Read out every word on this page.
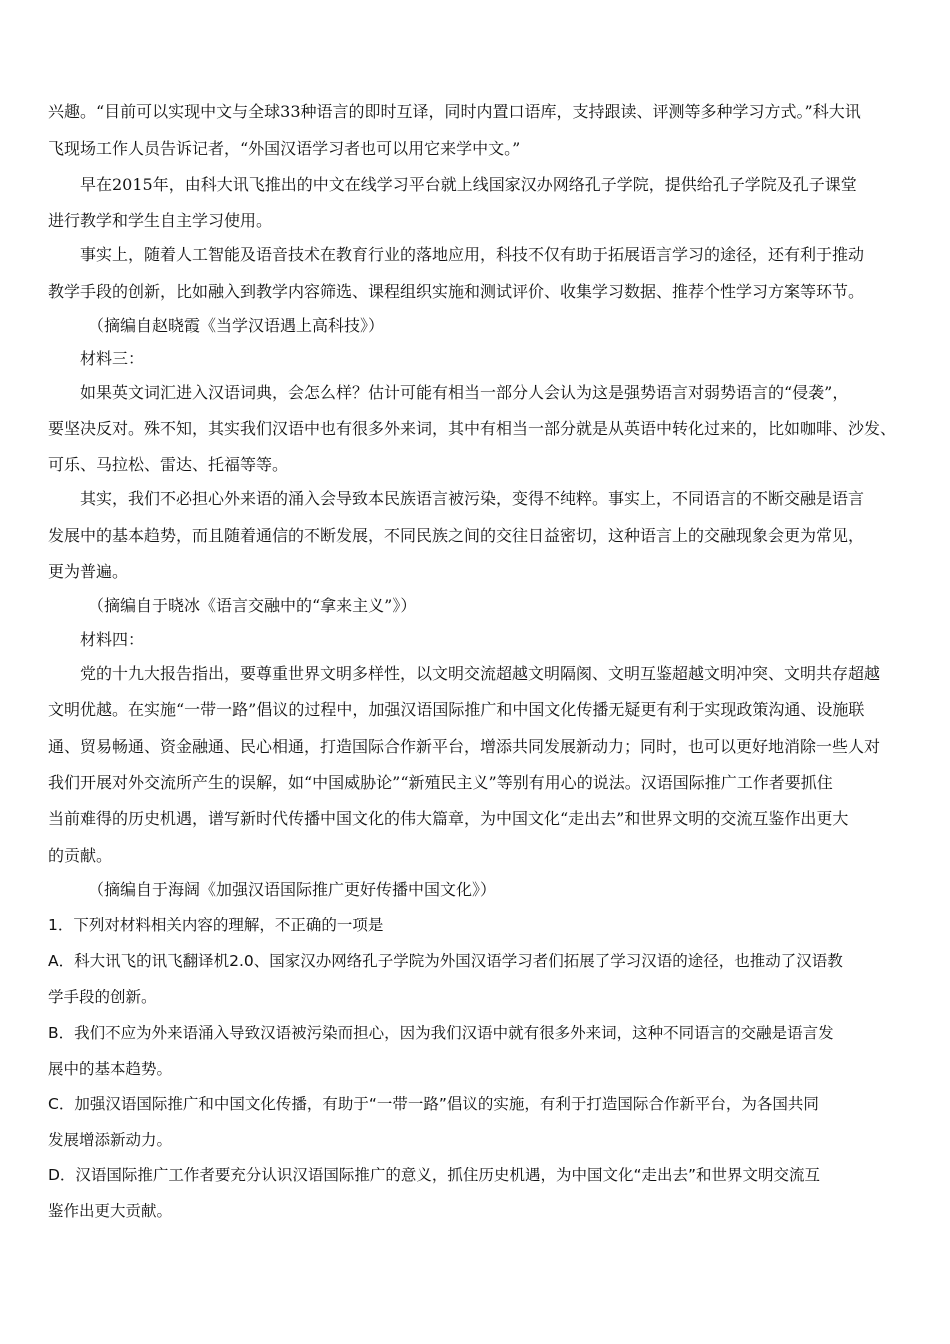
兴趣。“目前可以实现中文与全球33种语言的即时互译，同时内置口语库，支持跟读、评测等多种学习方式。”科大讯
飞现场工作人员告诉记者，“外国汉语学习者也可以用它来学中文。”
早在2015年，由科大讯飞推出的中文在线学习平台就上线国家汉办网络孔子学院，提供给孔子学院及孔子课堂
进行教学和学生自主学习使用。
事实上，随着人工智能及语音技术在教育行业的落地应用，科技不仅有助于拓展语言学习的途径，还有利于推动
教学手段的创新，比如融入到教学内容筛选、课程组织实施和测试评价、收集学习数据、推荐个性学习方案等环节。
（摘编自赵晓霞《当学汉语遇上高科技》）
材料三：
如果英文词汇进入汉语词典，会怎么样？估计可能有相当一部分人会认为这是强势语言对弱势语言的“侵袭”，
要坚决反对。殊不知，其实我们汉语中也有很多外来词，其中有相当一部分就是从英语中转化过来的，比如咖啡、沙发、
可乐、马拉松、雷达、托福等等。
其实，我们不必担心外来语的涌入会导致本民族语言被污染，变得不纯粹。事实上，不同语言的不断交融是语言
发展中的基本趋势，而且随着通信的不断发展，不同民族之间的交往日益密切，这种语言上的交融现象会更为常见，
更为普遍。
（摘编自于晓冰《语言交融中的“拿来主义”》）
材料四：
党的十九大报告指出，要尊重世界文明多样性，以文明交流超越文明隔阂、文明互鉴超越文明冲突、文明共存超越
文明优越。在实施“一带一路”倡议的过程中，加强汉语国际推广和中国文化传播无疑更有利于实现政策沟通、设施联
通、贸易畅通、资金融通、民心相通，打造国际合作新平台，增添共同发展新动力；同时，也可以更好地消除一些人对
我们开展对外交流所产生的误解，如“中国威胁论”“新殖民主义”等别有用心的说法。汉语国际推广工作者要抓住
当前难得的历史机遇，谱写新时代传播中国文化的伟大篇章，为中国文化“走出去”和世界文明的交流互鉴作出更大
的贡献。
（摘编自于海阔《加强汉语国际推广更好传播中国文化》）
1．下列对材料相关内容的理解，不正确的一项是
A．科大讯飞的讯飞翻译机2.0、国家汉办网络孔子学院为外国汉语学习者们拓展了学习汉语的途径，也推动了汉语教
学手段的创新。
B．我们不应为外来语涌入导致汉语被污染而担心，因为我们汉语中就有很多外来词，这种不同语言的交融是语言发
展中的基本趋势。
C．加强汉语国际推广和中国文化传播，有助于“一带一路”倡议的实施，有利于打造国际合作新平台，为各国共同
发展增添新动力。
D．汉语国际推广工作者要充分认识汉语国际推广的意义，抓住历史机遇，为中国文化“走出去”和世界文明交流互
鉴作出更大贡献。
